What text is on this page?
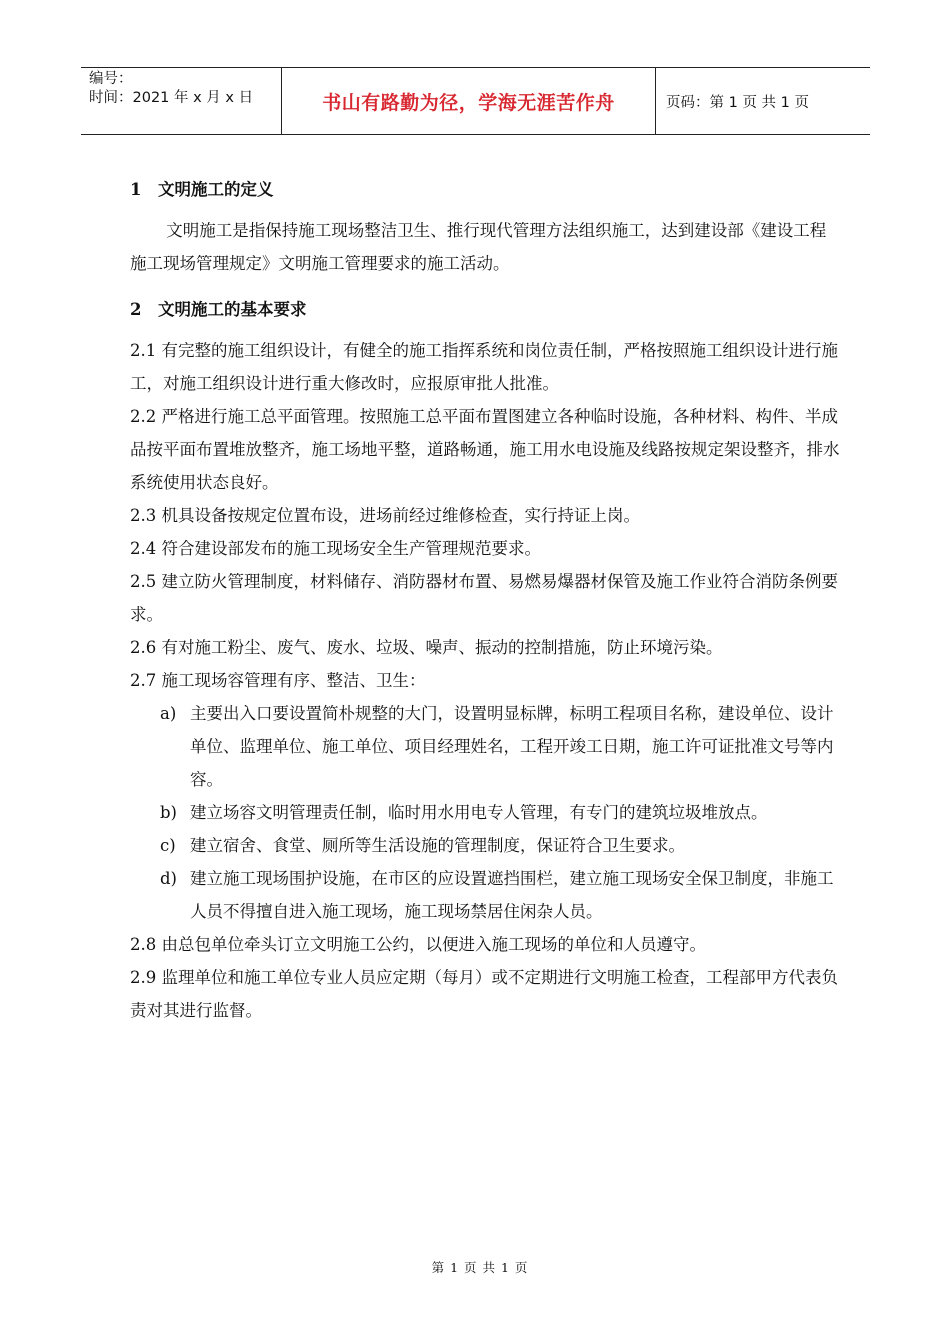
编号：
时间：2021 年 x 月 x 日	书山有路勤为径，学海无涯苦作舟	页码：第 1 页 共 1 页
1 文明施工的定义
文明施工是指保持施工现场整洁卫生、推行现代管理方法组织施工，达到建设部《建设工程施工现场管理规定》文明施工管理要求的施工活动。
2 文明施工的基本要求
2.1 有完整的施工组织设计，有健全的施工指挥系统和岗位责任制，严格按照施工组织设计进行施工，对施工组织设计进行重大修改时，应报原审批人批准。
2.2 严格进行施工总平面管理。按照施工总平面布置图建立各种临时设施，各种材料、构件、半成品按平面布置堆放整齐，施工场地平整，道路畅通，施工用水电设施及线路按规定架设整齐，排水系统使用状态良好。
2.3 机具设备按规定位置布设，进场前经过维修检查，实行持证上岗。
2.4 符合建设部发布的施工现场安全生产管理规范要求。
2.5 建立防火管理制度，材料储存、消防器材布置、易燃易爆器材保管及施工作业符合消防条例要求。
2.6 有对施工粉尘、废气、废水、垃圾、噪声、振动的控制措施，防止环境污染。
2.7 施工现场容管理有序、整洁、卫生：
a) 主要出入口要设置简朴规整的大门，设置明显标牌，标明工程项目名称，建设单位、设计单位、监理单位、施工单位、项目经理姓名，工程开竣工日期，施工许可证批准文号等内容。
b) 建立场容文明管理责任制，临时用水用电专人管理，有专门的建筑垃圾堆放点。
c) 建立宿舍、食堂、厕所等生活设施的管理制度，保证符合卫生要求。
d) 建立施工现场围护设施，在市区的应设置遮挡围栏，建立施工现场安全保卫制度，非施工人员不得擅自进入施工现场，施工现场禁居住闲杂人员。
2.8 由总包单位牵头订立文明施工公约，以便进入施工现场的单位和人员遵守。
2.9 监理单位和施工单位专业人员应定期（每月）或不定期进行文明施工检查，工程部甲方代表负责对其进行监督。
第 1 页 共 1 页
